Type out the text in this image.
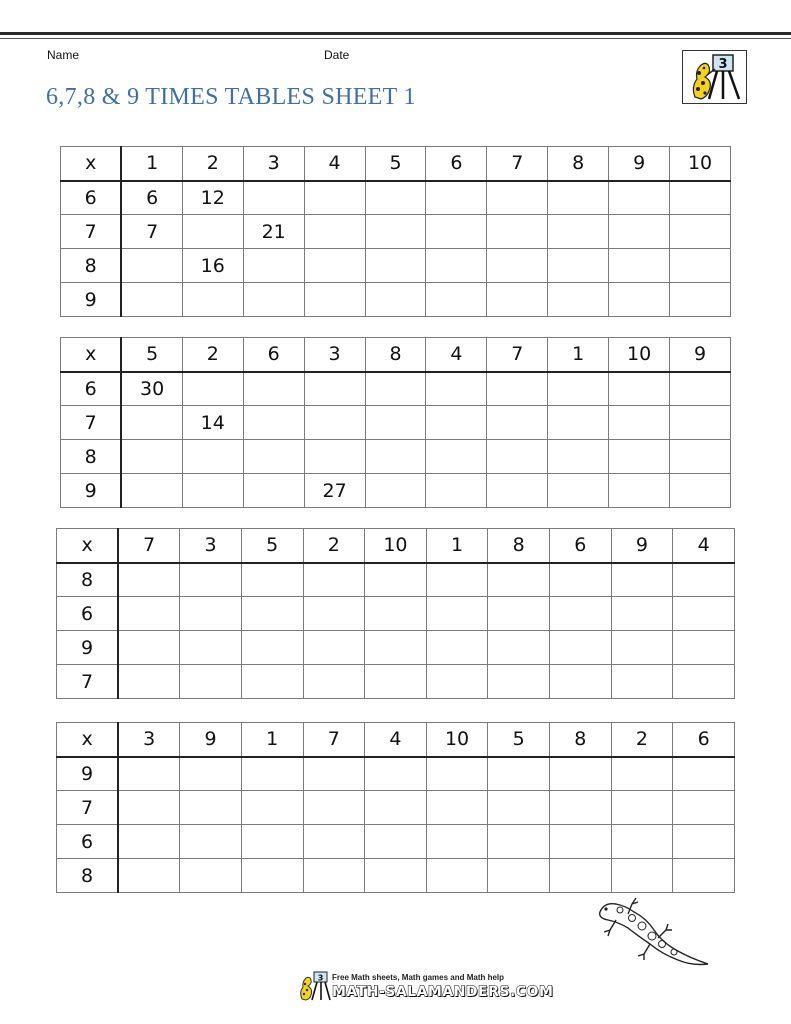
Name	Date
6,7,8 & 9 TIMES TABLES SHEET 1
3
x	1	2	3	4	5	6	7	8	9	10
6	6	12								
7	7		21							
8		16								
9										
x	5	2	6	3	8	4	7	1	10	9
6	30									
7		14								
8										
9				27						
x	7	3	5	2	10	1	8	6	9	4
8										
6										
9										
7										
x	3	9	1	7	4	10	5	8	2	6
9										
7										
6										
8										
3 Free Math sheets, Math games and Math help
MATH-SALAMANDERS.COM
